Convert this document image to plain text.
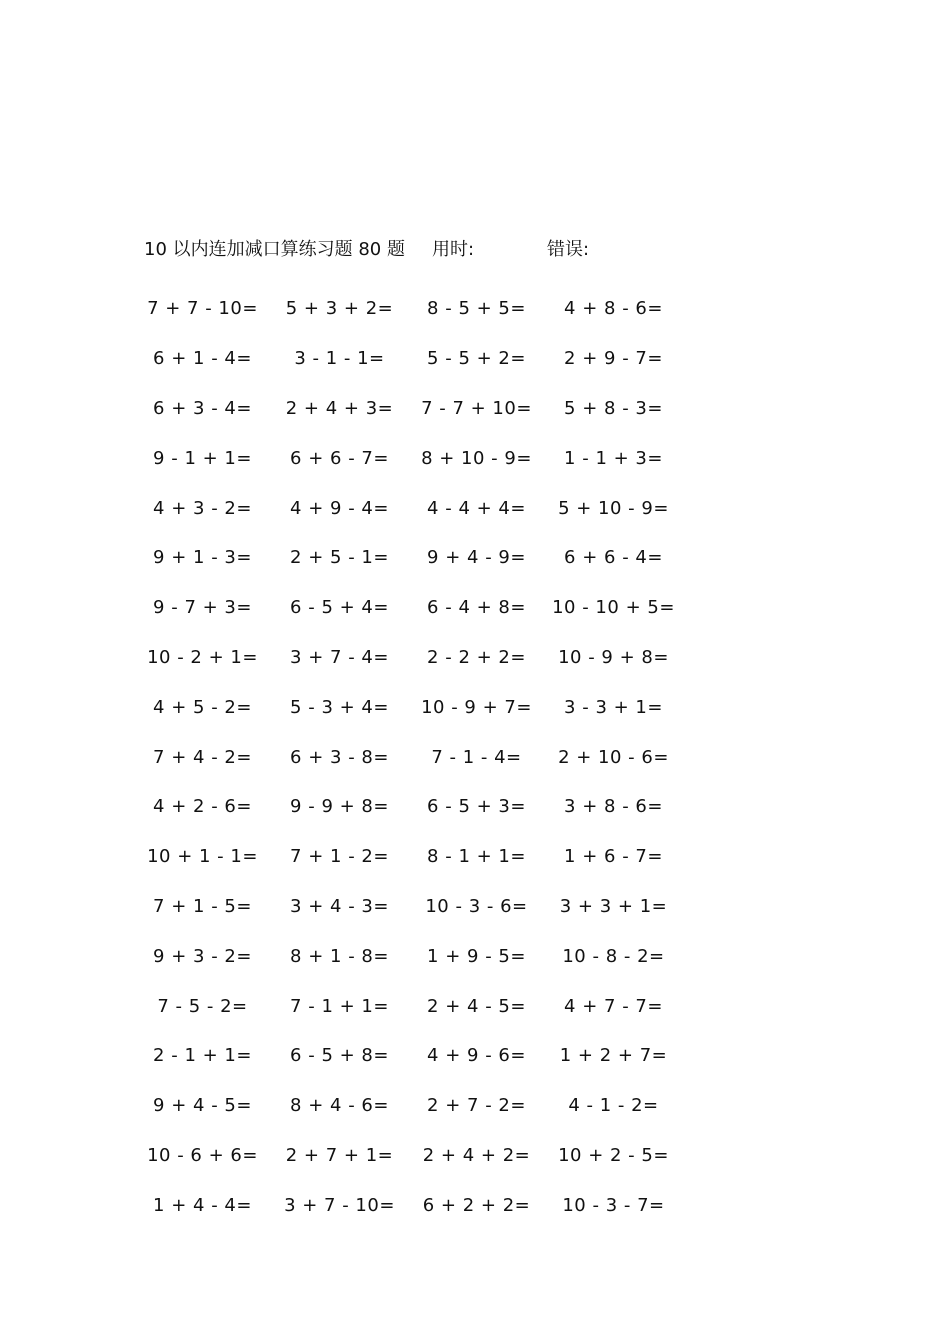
10 以内连加减口算练习题 80 题 用时:	错误:
7 + 7 - 10=	5 + 3 + 2=	8 - 5 + 5=	4 + 8 - 6=
6 + 1 - 4=	3 - 1 - 1=	5 - 5 + 2=	2 + 9 - 7=
6 + 3 - 4=	2 + 4 + 3=	7 - 7 + 10=	5 + 8 - 3=
9 - 1 + 1=	6 + 6 - 7=	8 + 10 - 9=	1 - 1 + 3=
4 + 3 - 2=	4 + 9 - 4=	4 - 4 + 4=	5 + 10 - 9=
9 + 1 - 3=	2 + 5 - 1=	9 + 4 - 9=	6 + 6 - 4=
9 - 7 + 3=	6 - 5 + 4=	6 - 4 + 8=	10 - 10 + 5=
10 - 2 + 1=	3 + 7 - 4=	2 - 2 + 2=	10 - 9 + 8=
4 + 5 - 2=	5 - 3 + 4=	10 - 9 + 7=	3 - 3 + 1=
7 + 4 - 2=	6 + 3 - 8=	7 - 1 - 4=	2 + 10 - 6=
4 + 2 - 6=	9 - 9 + 8=	6 - 5 + 3=	3 + 8 - 6=
10 + 1 - 1=	7 + 1 - 2=	8 - 1 + 1=	1 + 6 - 7=
7 + 1 - 5=	3 + 4 - 3=	10 - 3 - 6=	3 + 3 + 1=
9 + 3 - 2=	8 + 1 - 8=	1 + 9 - 5=	10 - 8 - 2=
7 - 5 - 2=	7 - 1 + 1=	2 + 4 - 5=	4 + 7 - 7=
2 - 1 + 1=	6 - 5 + 8=	4 + 9 - 6=	1 + 2 + 7=
9 + 4 - 5=	8 + 4 - 6=	2 + 7 - 2=	4 - 1 - 2=
10 - 6 + 6=	2 + 7 + 1=	2 + 4 + 2=	10 + 2 - 5=
1 + 4 - 4=	3 + 7 - 10=	6 + 2 + 2=	10 - 3 - 7=
